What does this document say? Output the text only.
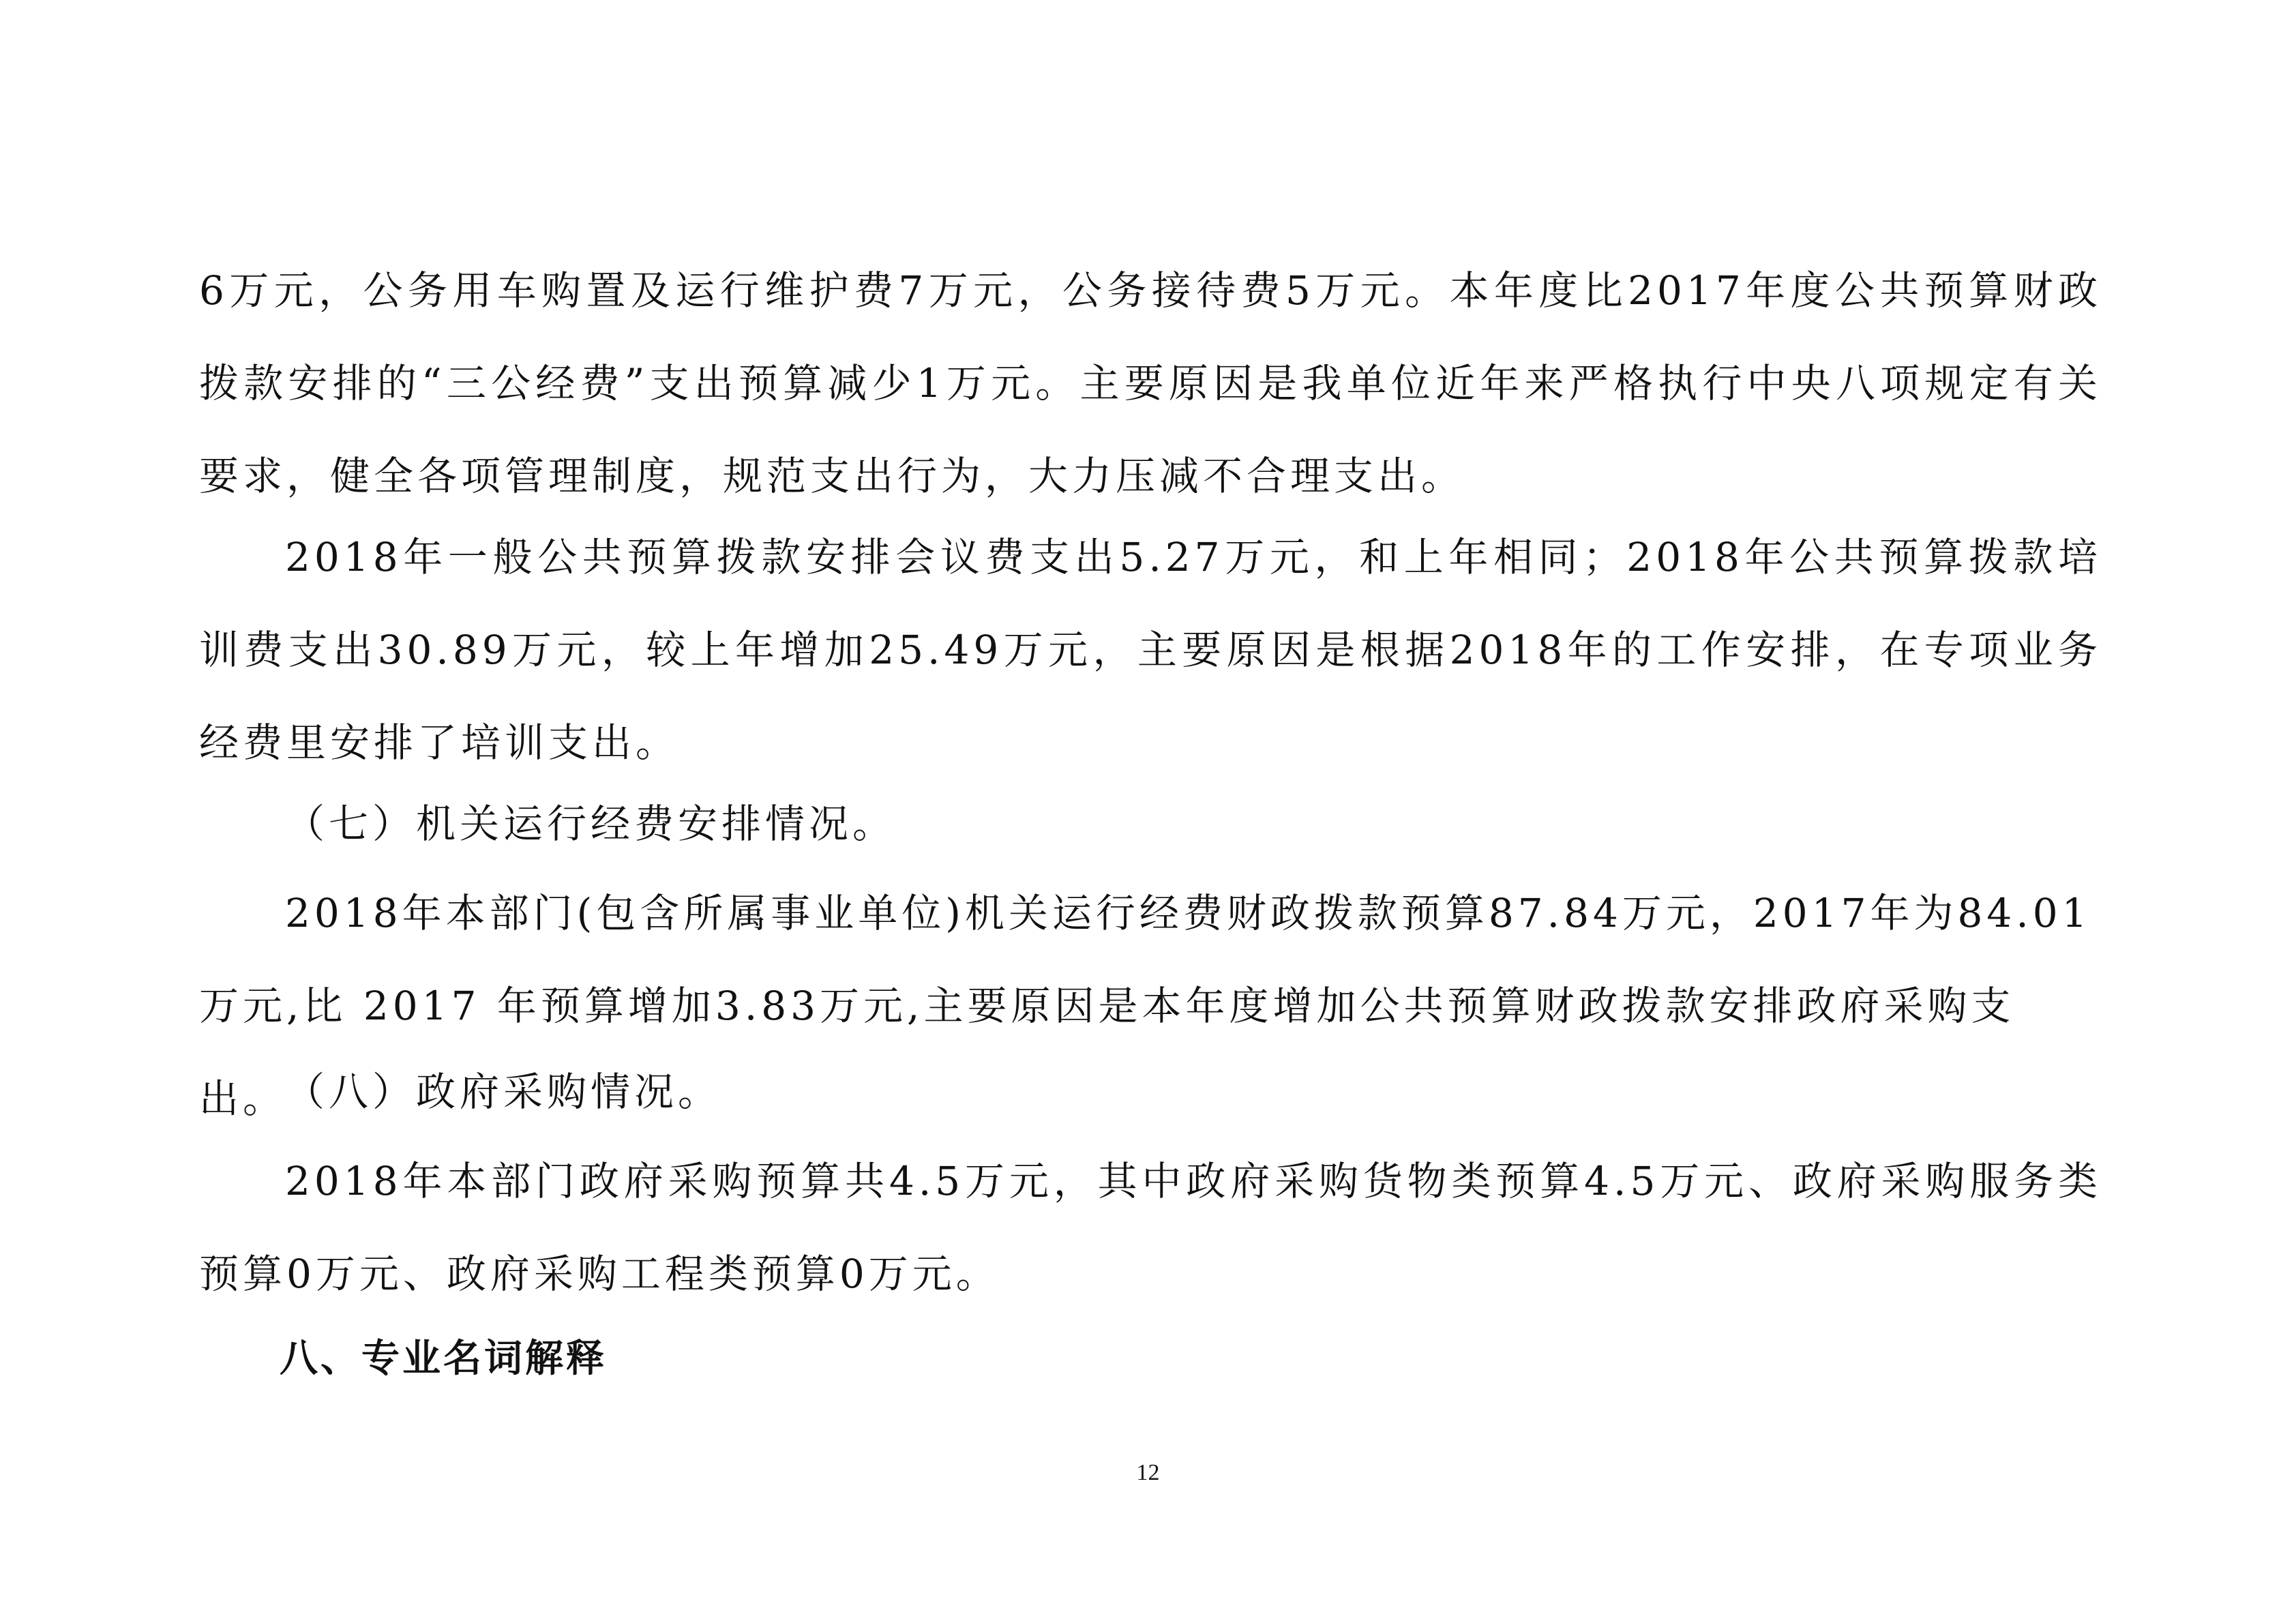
6万元，公务用车购置及运行维护费7万元，公务接待费5万元。本年度比2017年度公共预算财政拨款安排的“三公经费”支出预算减少1万元。主要原因是我单位近年来严格执行中央八项规定有关要求，健全各项管理制度，规范支出行为，大力压减不合理支出。

2018年一般公共预算拨款安排会议费支出5.27万元，和上年相同；2018年公共预算拨款培训费支出30.89万元，较上年增加25.49万元，主要原因是根据2018年的工作安排，在专项业务经费里安排了培训支出。

（七）机关运行经费安排情况。

2018年本部门(包含所属事业单位)机关运行经费财政拨款预算87.84万元，2017年为84.01 万元,比 2017 年预算增加3.83万元,主要原因是本年度增加公共预算财政拨款安排政府采购支出。

（八）政府采购情况。

2018年本部门政府采购预算共4.5万元，其中政府采购货物类预算4.5万元、政府采购服务类预算0万元、政府采购工程类预算0万元。

八、专业名词解释
12
